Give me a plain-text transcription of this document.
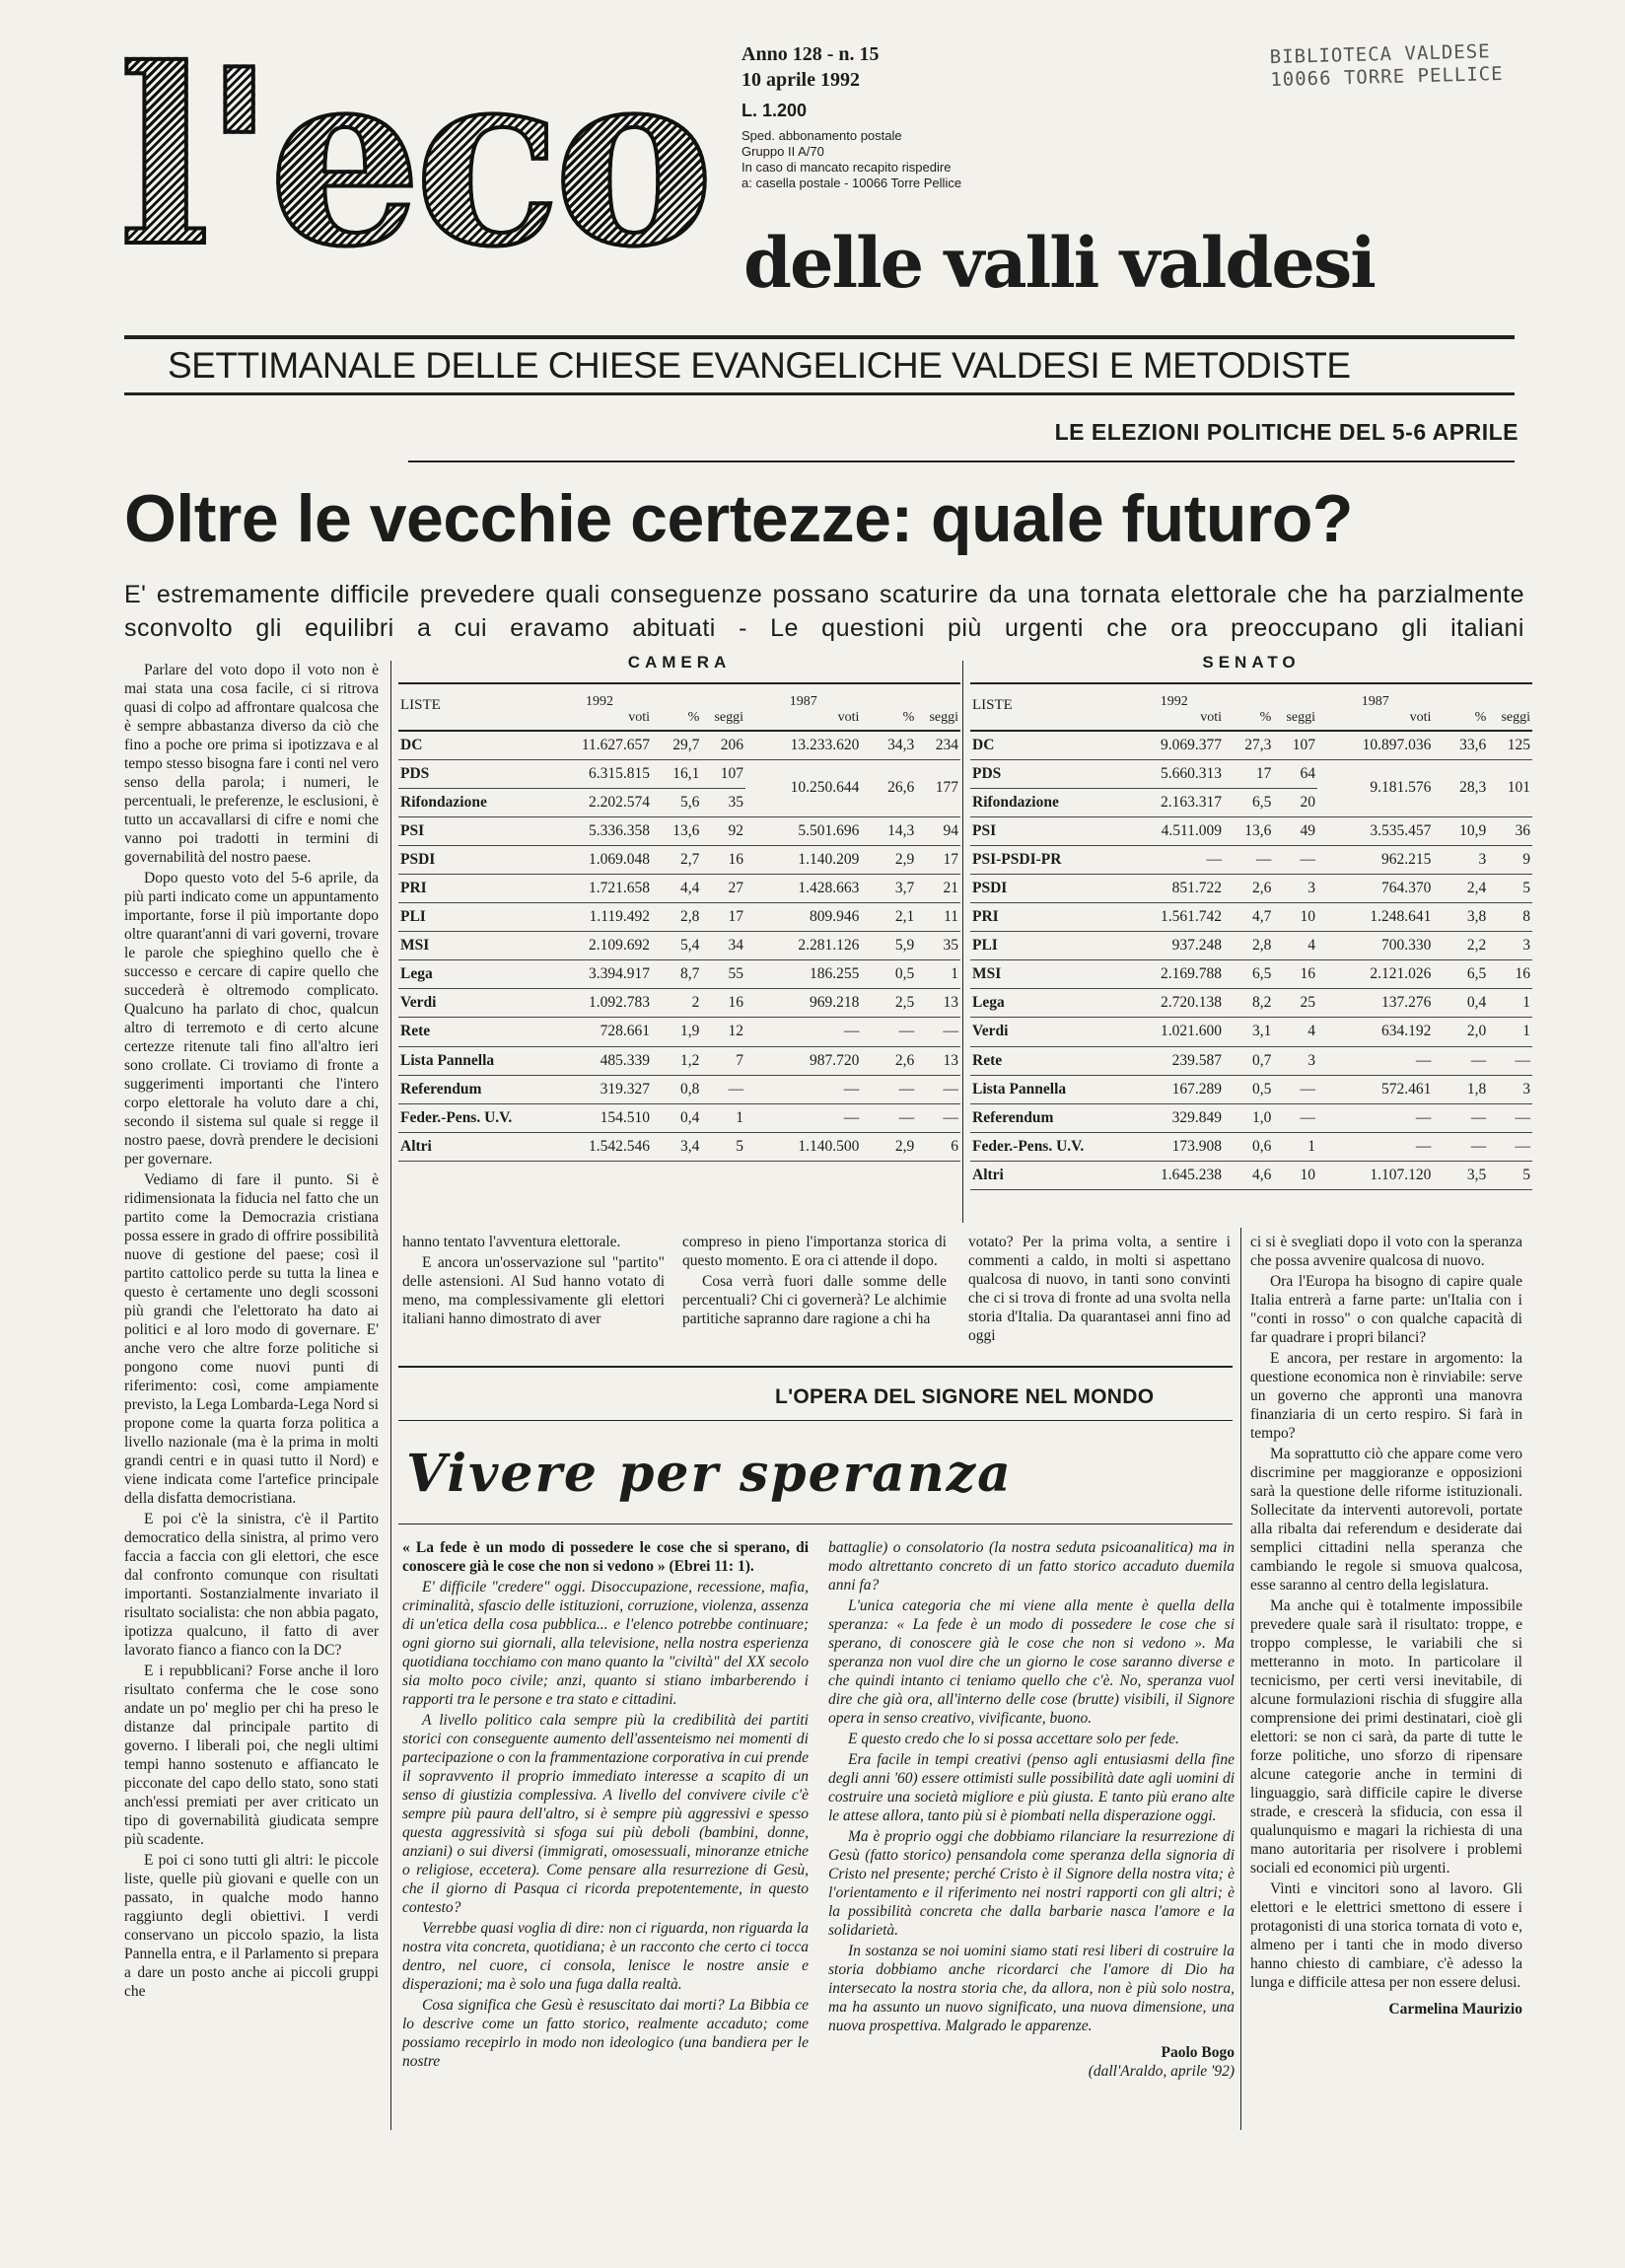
l'eco Anno 128 - n. 15
10 aprile 1992
L. 1.200
Sped. abbonamento postale
Gruppo II A/70
In caso di mancato recapito rispedire
a: casella postale - 10066 Torre Pellice
BIBLIOTECA VALDESE
10066 TORRE PELLICE
delle valli valdesi
SETTIMANALE DELLE CHIESE EVANGELICHE VALDESI E METODISTE
LE ELEZIONI POLITICHE DEL 5-6 APRILE
Oltre le vecchie certezze: quale futuro?
E' estremamente difficile prevedere quali conseguenze possano scaturire da una tornata elettorale che ha parzialmente sconvolto gli equilibri a cui eravamo abituati - Le questioni più urgenti che ora preoccupano gli italiani

Parlare del voto dopo il voto non è mai stata una cosa facile, ci si ritrova quasi di colpo ad affrontare qualcosa che è sempre abbastanza diverso da ciò che fino a poche ore prima si ipotizzava e al tempo stesso bisogna fare i conti nel vero senso della parola; i numeri, le percentuali, le preferenze, le esclusioni, è tutto un accavallarsi di cifre e nomi che vanno poi tradotti in termini di governabilità del nostro paese.

Dopo questo voto del 5-6 aprile, da più parti indicato come un appuntamento importante, forse il più importante dopo oltre quarant'anni di vari governi, trovare le parole che spieghino quello che è successo e cercare di capire quello che succederà è oltremodo complicato. Qualcuno ha parlato di choc, qualcun altro di terremoto e di certo alcune certezze ritenute tali fino all'altro ieri sono crollate. Ci troviamo di fronte a suggerimenti importanti che l'intero corpo elettorale ha voluto dare a chi, secondo il sistema sul quale si regge il nostro paese, dovrà prendere le decisioni per governare.

Vediamo di fare il punto. Si è ridimensionata la fiducia nel fatto che un partito come la Democrazia cristiana possa essere in grado di offrire possibilità nuove di gestione del paese; così il partito cattolico perde su tutta la linea e questo è certamente uno degli scossoni più grandi che l'elettorato ha dato ai politici e al loro modo di governare. E' anche vero che altre forze politiche si pongono come nuovi punti di riferimento: così, come ampiamente previsto, la Lega Lombarda-Lega Nord si propone come la quarta forza politica a livello nazionale (ma è la prima in molti grandi centri e in quasi tutto il Nord) e viene indicata come l'artefice principale della disfatta democristiana.

E poi c'è la sinistra, c'è il Partito democratico della sinistra, al primo vero faccia a faccia con gli elettori, che esce dal confronto comunque con risultati importanti. Sostanzialmente invariato il risultato socialista: che non abbia pagato, ipotizza qualcuno, il fatto di aver lavorato fianco a fianco con la DC?

E i repubblicani? Forse anche il loro risultato conferma che le cose sono andate un po' meglio per chi ha preso le distanze dal principale partito di governo. I liberali poi, che negli ultimi tempi hanno sostenuto e affiancato le picconate del capo dello stato, sono stati anch'essi premiati per aver criticato un tipo di governabilità giudicata sempre più scadente.

E poi ci sono tutti gli altri: le piccole liste, quelle più giovani e quelle con un passato, in qualche modo hanno raggiunto degli obiettivi. I verdi conservano un piccolo spazio, la lista Pannella entra, e il Parlamento si prepara a dare un posto anche ai piccoli gruppi che

CAMERA
LISTE	1992
voti	%	seggi	1987
voti	%	seggi
DC	11.627.657	29,7	206	13.233.620	34,3	234
PDS	6.315.815	16,1	107	10.250.644	26,6	177
Rifondazione	2.202.574	5,6	35			
PSI	5.336.358	13,6	92	5.501.696	14,3	94
PSDI	1.069.048	2,7	16	1.140.209	2,9	17
PRI	1.721.658	4,4	27	1.428.663	3,7	21
PLI	1.119.492	2,8	17	809.946	2,1	11
MSI	2.109.692	5,4	34	2.281.126	5,9	35
Lega	3.394.917	8,7	55	186.255	0,5	1
Verdi	1.092.783	2	16	969.218	2,5	13
Rete	728.661	1,9	12	—	—	—
Lista Pannella	485.339	1,2	7	987.720	2,6	13
Referendum	319.327	0,8	—	—	—	—
Feder.-Pens. U.V.	154.510	0,4	1	—	—	—
Altri	1.542.546	3,4	5	1.140.500	2,9	6
SENATO
LISTE	1992
voti	%	seggi	1987
voti	%	seggi
DC	9.069.377	27,3	107	10.897.036	33,6	125
PDS	5.660.313	17	64	9.181.576	28,3	101
Rifondazione	2.163.317	6,5	20			
PSI	4.511.009	13,6	49	3.535.457	10,9	36
PSI-PSDI-PR	—	—	—	962.215	3	9
PSDI	851.722	2,6	3	764.370	2,4	5
PRI	1.561.742	4,7	10	1.248.641	3,8	8
PLI	937.248	2,8	4	700.330	2,2	3
MSI	2.169.788	6,5	16	2.121.026	6,5	16
Lega	2.720.138	8,2	25	137.276	0,4	1
Verdi	1.021.600	3,1	4	634.192	2,0	1
Rete	239.587	0,7	3	—	—	—
Lista Pannella	167.289	0,5	—	572.461	1,8	3
Referendum	329.849	1,0	—	—	—	—
Feder.-Pens. U.V.	173.908	0,6	1	—	—	—
Altri	1.645.238	4,6	10	1.107.120	3,5	5

hanno tentato l'avventura elettorale.

E ancora un'osservazione sul "partito" delle astensioni. Al Sud hanno votato di meno, ma complessivamente gli elettori italiani hanno dimostrato di aver

compreso in pieno l'importanza storica di questo momento. E ora ci attende il dopo.

Cosa verrà fuori dalle somme delle percentuali? Chi ci governerà? Le alchimie partitiche sapranno dare ragione a chi ha

votato? Per la prima volta, a sentire i commenti a caldo, in molti si aspettano qualcosa di nuovo, in tanti sono convinti che ci si trova di fronte ad una svolta nella storia d'Italia. Da quarantasei anni fino ad oggi

ci si è svegliati dopo il voto con la speranza che possa avvenire qualcosa di nuovo.

Ora l'Europa ha bisogno di capire quale Italia entrerà a farne parte: un'Italia con i "conti in rosso" o con qualche capacità di far quadrare i propri bilanci?

E ancora, per restare in argomento: la questione economica non è rinviabile: serve un governo che approntì una manovra finanziaria di un certo respiro. Si farà in tempo?

Ma soprattutto ciò che appare come vero discrimine per maggioranze e opposizioni sarà la questione delle riforme istituzionali. Sollecitate da interventi autorevoli, portate alla ribalta dai referendum e desiderate dai semplici cittadini nella speranza che cambiando le regole si smuova qualcosa, esse saranno al centro della legislatura.

Ma anche qui è totalmente impossibile prevedere quale sarà il risultato: troppe, e troppo complesse, le variabili che si metteranno in moto. In particolare il tecnicismo, per certi versi inevitabile, di alcune formulazioni rischia di sfuggire alla comprensione dei primi destinatari, cioè gli elettori: se non ci sarà, da parte di tutte le forze politiche, uno sforzo di ripensare alcune categorie anche in termini di linguaggio, sarà difficile capire le diverse strade, e crescerà la sfiducia, con essa il qualunquismo e magari la richiesta di una mano autoritaria per risolvere i problemi sociali ed economici più urgenti.

Vinti e vincitori sono al lavoro. Gli elettori e le elettrici smettono di essere i protagonisti di una storica tornata di voto e, almeno per i tanti che in modo diverso hanno chiesto di cambiare, c'è adesso la lunga e difficile attesa per non essere delusi.

Carmelina Maurizio
L'OPERA DEL SIGNORE NEL MONDO
Vivere per speranza

« La fede è un modo di possedere le cose che si sperano, di conoscere già le cose che non si vedono » (Ebrei 11: 1).

E' difficile "credere" oggi. Disoccupazione, recessione, mafia, criminalità, sfascio delle istituzioni, corruzione, violenza, assenza di un'etica della cosa pubblica... e l'elenco potrebbe continuare; ogni giorno sui giornali, alla televisione, nella nostra esperienza quotidiana tocchiamo con mano quanto la "civiltà" del XX secolo sia molto poco civile; anzi, quanto si stiano imbarberendo i rapporti tra le persone e tra stato e cittadini.

A livello politico cala sempre più la credibilità dei partiti storici con conseguente aumento dell'assenteismo nei momenti di partecipazione o con la frammentazione corporativa in cui prende il sopravvento il proprio immediato interesse a scapito di un senso di giustizia complessiva. A livello del convivere civile c'è sempre più paura dell'altro, si è sempre più aggressivi e spesso questa aggressività si sfoga sui più deboli (bambini, donne, anziani) o sui diversi (immigrati, omosessuali, minoranze etniche o religiose, eccetera). Come pensare alla resurrezione di Gesù, che il giorno di Pasqua ci ricorda prepotentemente, in questo contesto?

Verrebbe quasi voglia di dire: non ci riguarda, non riguarda la nostra vita concreta, quotidiana; è un racconto che certo ci tocca dentro, nel cuore, ci consola, lenisce le nostre ansie e disperazioni; ma è solo una fuga dalla realtà.

Cosa significa che Gesù è resuscitato dai morti? La Bibbia ce lo descrive come un fatto storico, realmente accaduto; come possiamo recepirlo in modo non ideologico (una bandiera per le nostre

battaglie) o consolatorio (la nostra seduta psicoanalitica) ma in modo altrettanto concreto di un fatto storico accaduto duemila anni fa?

L'unica categoria che mi viene alla mente è quella della speranza: « La fede è un modo di possedere le cose che si sperano, di conoscere già le cose che non si vedono ». Ma speranza non vuol dire che un giorno le cose saranno diverse e che quindi intanto ci teniamo quello che c'è. No, speranza vuol dire che già ora, all'interno delle cose (brutte) visibili, il Signore opera in senso creativo, vivificante, buono.

E questo credo che lo si possa accettare solo per fede.

Era facile in tempi creativi (penso agli entusiasmi della fine degli anni '60) essere ottimisti sulle possibilità date agli uomini di costruire una società migliore e più giusta. E tanto più erano alte le attese allora, tanto più si è piombati nella disperazione oggi.

Ma è proprio oggi che dobbiamo rilanciare la resurrezione di Gesù (fatto storico) pensandola come speranza della signoria di Cristo nel presente; perché Cristo è il Signore della nostra vita; è l'orientamento e il riferimento nei nostri rapporti con gli altri; è la possibilità concreta che dalla barbarie nasca l'amore e la solidarietà.

In sostanza se noi uomini siamo stati resi liberi di costruire la storia dobbiamo anche ricordarci che l'amore di Dio ha intersecato la nostra storia che, da allora, non è più solo nostra, ma ha assunto un nuovo significato, una nuova dimensione, una nuova prospettiva. Malgrado le apparenze.

Paolo Bogo
(dall'Araldo, aprile '92)
